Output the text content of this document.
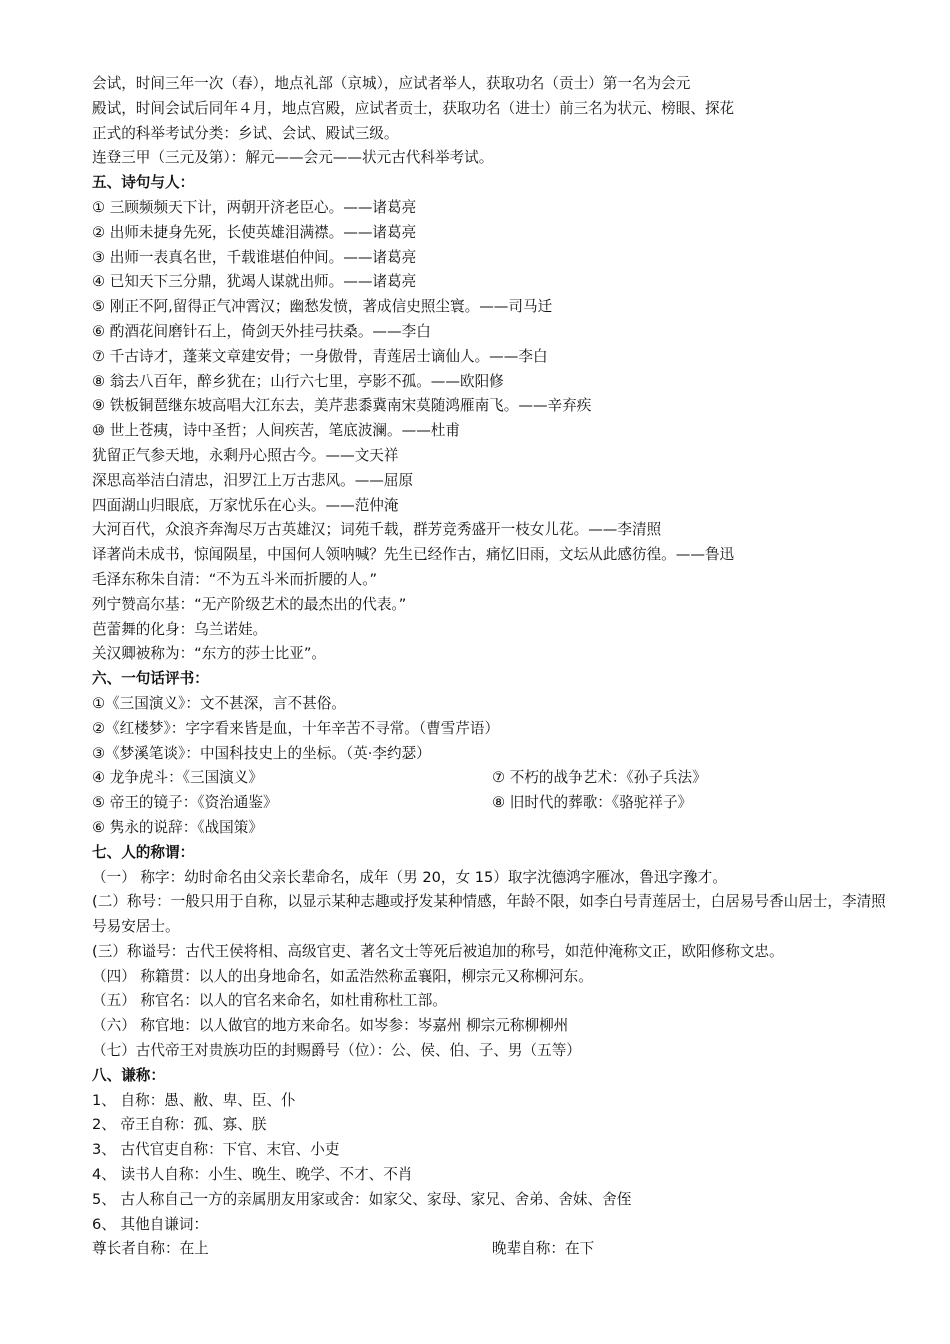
会试，时间三年一次（春），地点礼部（京城），应试者举人，获取功名（贡士）第一名为会元
殿试，时间会试后同年４月，地点宫殿，应试者贡士，获取功名（进士）前三名为状元、榜眼、探花
正式的科举考试分类：乡试、会试、殿试三级。
连登三甲（三元及第）：解元——会元——状元古代科举考试。
五、诗句与人：
① 三顾频频天下计，两朝开济老臣心。——诸葛亮
② 出师未捷身先死，长使英雄泪满襟。——诸葛亮
③ 出师一表真名世，千载谁堪伯仲间。——诸葛亮
④ 已知天下三分鼎，犹竭人谋就出师。——诸葛亮
⑤ 刚正不阿,留得正气冲霄汉；幽愁发愤，著成信史照尘寰。——司马迁
⑥ 酌酒花间磨针石上，倚剑天外挂弓扶桑。——李白
⑦ 千古诗才，蓬莱文章建安骨；一身傲骨，青莲居士谪仙人。——李白
⑧ 翁去八百年，醉乡犹在；山行六七里，亭影不孤。——欧阳修
⑨ 铁板铜琶继东坡高唱大江东去，美芹悲黍冀南宋莫随鸿雁南飞。——辛弃疾
⑩ 世上苍痍，诗中圣哲；人间疾苦，笔底波澜。——杜甫
犹留正气参天地，永剩丹心照古今。——文天祥
深思高举洁白清忠，汨罗江上万古悲风。——屈原
四面湖山归眼底，万家忧乐在心头。——范仲淹
大河百代，众浪齐奔淘尽万古英雄汉；词苑千载，群芳竞秀盛开一枝女儿花。——李清照
译著尚未成书，惊闻陨星，中国何人领呐喊？先生已经作古，痛忆旧雨，文坛从此感彷徨。——鲁迅
毛泽东称朱自清：“不为五斗米而折腰的人。”
列宁赞高尔基：“无产阶级艺术的最杰出的代表。”
芭蕾舞的化身：乌兰诺娃。
关汉卿被称为：“东方的莎士比亚”。
六、一句话评书：
①《三国演义》：文不甚深，言不甚俗。
②《红楼梦》：字字看来皆是血，十年辛苦不寻常。（曹雪芹语）
③《梦溪笔谈》：中国科技史上的坐标。（英·李约瑟）
④ 龙争虎斗：《三国演义》	⑦ 不朽的战争艺术：《孙子兵法》
⑤ 帝王的镜子：《资治通鉴》	⑧ 旧时代的葬歌：《骆驼祥子》
⑥ 隽永的说辞：《战国策》
七、人的称谓：
（一） 称字：幼时命名由父亲长辈命名，成年（男 20，女 15）取字沈德鸿字雁冰，鲁迅字豫才。
(二）称号：一般只用于自称，以显示某种志趣或抒发某种情感，年龄不限，如李白号青莲居士，白居易号香山居士，李清照号易安居士。
(三）称谥号：古代王侯将相、高级官吏、著名文士等死后被追加的称号，如范仲淹称文正，欧阳修称文忠。
（四） 称籍贯：以人的出身地命名，如孟浩然称孟襄阳，柳宗元又称柳河东。
（五） 称官名：以人的官名来命名，如杜甫称杜工部。
（六） 称官地：以人做官的地方来命名。如岑参：岑嘉州 柳宗元称柳柳州
（七）古代帝王对贵族功臣的封赐爵号（位）：公、侯、伯、子、男（五等）
八、谦称：
1、 自称：愚、敝、卑、臣、仆
2、 帝王自称：孤、寡、朕
3、 古代官吏自称：下官、末官、小吏
4、 读书人自称：小生、晚生、晚学、不才、不肖
5、 古人称自己一方的亲属朋友用家或舍：如家父、家母、家兄、舍弟、舍妹、舍侄
6、 其他自谦词：
尊长者自称：在上	晚辈自称：在下
